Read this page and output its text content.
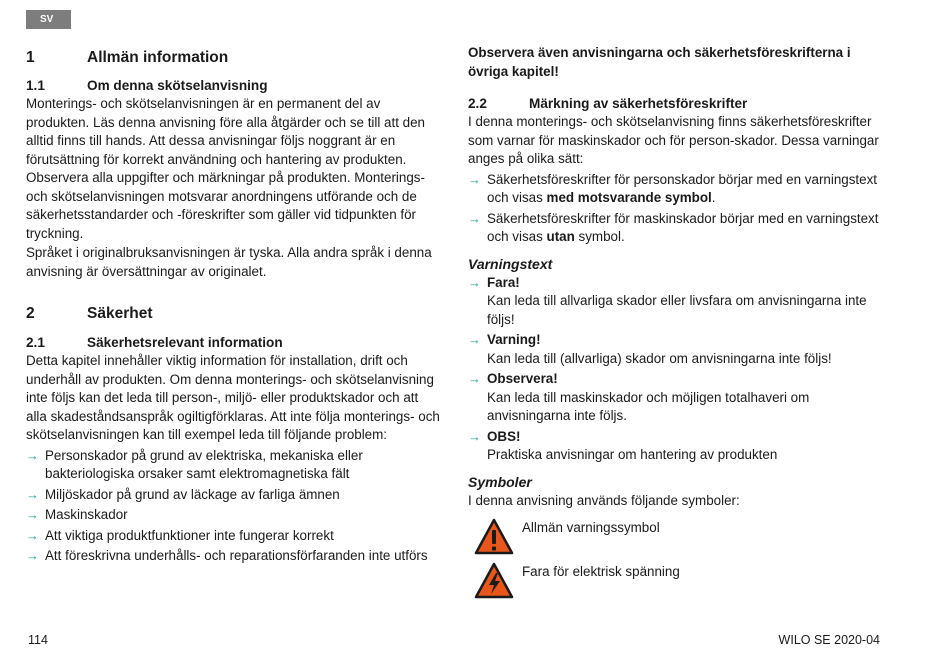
SV
1	Allmän information
1.1	Om denna skötselanvisning

Monterings- och skötselanvisningen är en permanent del av produkten. Läs denna anvisning före alla åtgärder och se till att den alltid finns till hands. Att dessa anvisningar följs noggrant är en förutsättning för korrekt användning och hantering av produkten. Observera alla uppgifter och märkningar på produkten. Monterings- och skötselanvisningen motsvarar anordningens utförande och de säkerhetsstandarder och -föreskrifter som gäller vid tidpunkten för tryckning.

Språket i originalbruksanvisningen är tyska. Alla andra språk i denna anvisning är översättningar av originalet.

2	Säkerhet
2.1	Säkerhetsrelevant information

Detta kapitel innehåller viktig information för installation, drift och underhåll av produkten. Om denna monterings- och skötselanvisning inte följs kan det leda till person-, miljö- eller produktskador och att alla skadeståndsanspråk ogiltigförklaras. Att inte följa monterings- och skötselanvisningen kan till exempel leda till följande problem:

→ Personskador på grund av elektriska, mekaniska eller bakteriologiska orsaker samt elektromagnetiska fält
→ Miljöskador på grund av läckage av farliga ämnen
→ Maskinskador
→ Att viktiga produktfunktioner inte fungerar korrekt
→ Att föreskrivna underhålls- och reparationsförfaranden inte utförs

Observera även anvisningarna och säkerhetsföreskrifterna i övriga kapitel!

2.2	Märkning av säkerhetsföreskrifter

I denna monterings- och skötselanvisning finns säkerhetsföreskrifter som varnar för maskinskador och för person-skador. Dessa varningar anges på olika sätt:

→ Säkerhetsföreskrifter för personskador börjar med en varningstext och visas med motsvarande symbol.
→ Säkerhetsföreskrifter för maskinskador börjar med en varningstext och visas utan symbol.
Varningstext
→ Fara!
Kan leda till allvarliga skador eller livsfara om anvisningarna inte följs!
→ Varning!
Kan leda till (allvarliga) skador om anvisningarna inte följs!
→ Observera!
Kan leda till maskinskador och möjligen totalhaveri om anvisningarna inte följs.
→ OBS!
Praktiska anvisningar om hantering av produkten
Symboler

I denna anvisning används följande symboler:

Allmän varningssymbol
Fara för elektrisk spänning
114	WILO SE 2020-04
